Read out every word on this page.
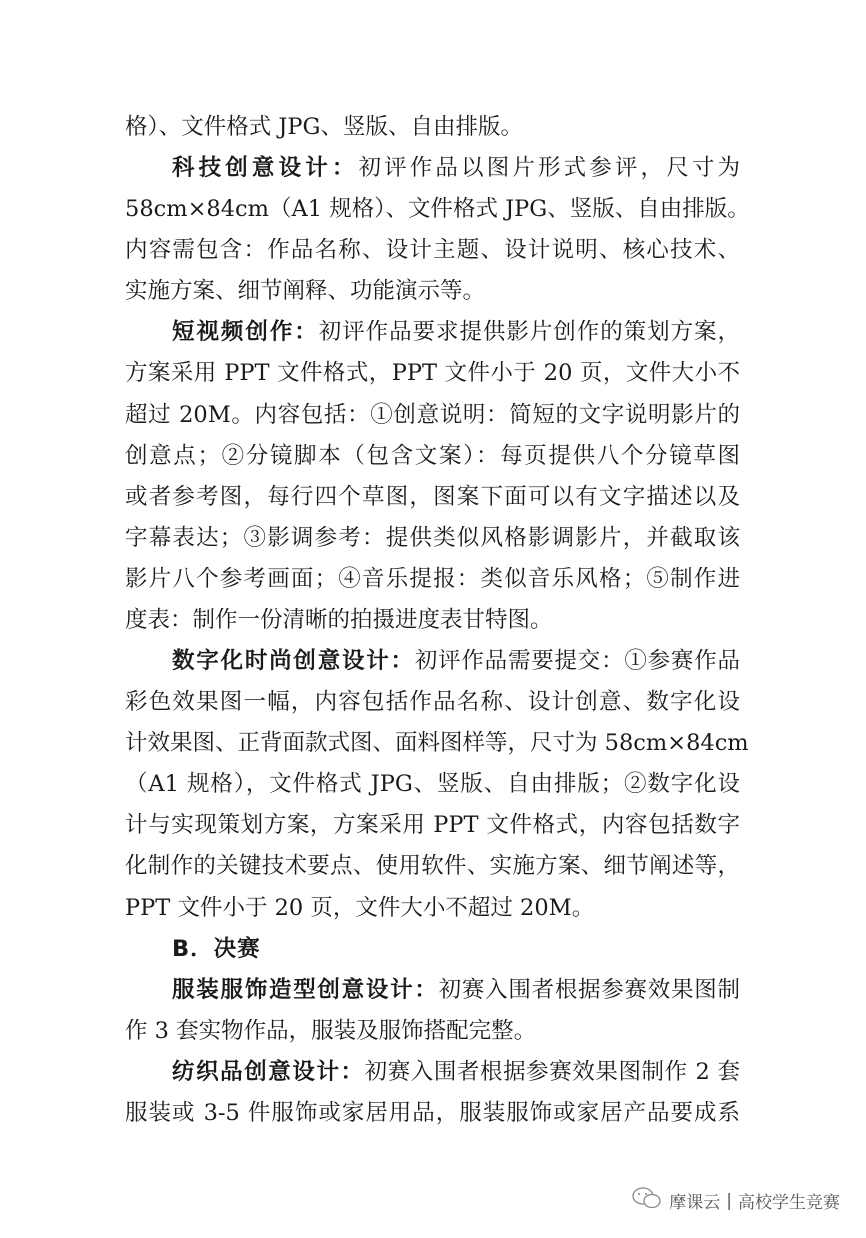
格）、文件格式 JPG、竖版、自由排版。
科技创意设计：初评作品以图片形式参评，尺寸为
58cm×84cm（A1 规格）、文件格式 JPG、竖版、自由排版。
内容需包含：作品名称、设计主题、设计说明、核心技术、
实施方案、细节阐释、功能演示等。
短视频创作：初评作品要求提供影片创作的策划方案，
方案采用 PPT 文件格式，PPT 文件小于 20 页，文件大小不
超过 20M。内容包括：①创意说明：简短的文字说明影片的
创意点；②分镜脚本（包含文案）：每页提供八个分镜草图
或者参考图，每行四个草图，图案下面可以有文字描述以及
字幕表达；③影调参考：提供类似风格影调影片，并截取该
影片八个参考画面；④音乐提报：类似音乐风格；⑤制作进
度表：制作一份清晰的拍摄进度表甘特图。
数字化时尚创意设计：初评作品需要提交：①参赛作品
彩色效果图一幅，内容包括作品名称、设计创意、数字化设
计效果图、正背面款式图、面料图样等，尺寸为 58cm×84cm
（A1 规格），文件格式 JPG、竖版、自由排版；②数字化设
计与实现策划方案，方案采用 PPT 文件格式，内容包括数字
化制作的关键技术要点、使用软件、实施方案、细节阐述等，
PPT 文件小于 20 页，文件大小不超过 20M。
B．决赛
服装服饰造型创意设计：初赛入围者根据参赛效果图制
作 3 套实物作品，服装及服饰搭配完整。
纺织品创意设计：初赛入围者根据参赛效果图制作 2 套
服装或 3-5 件服饰或家居用品，服装服饰或家居产品要成系
摩课云 | 高校学生竞赛
